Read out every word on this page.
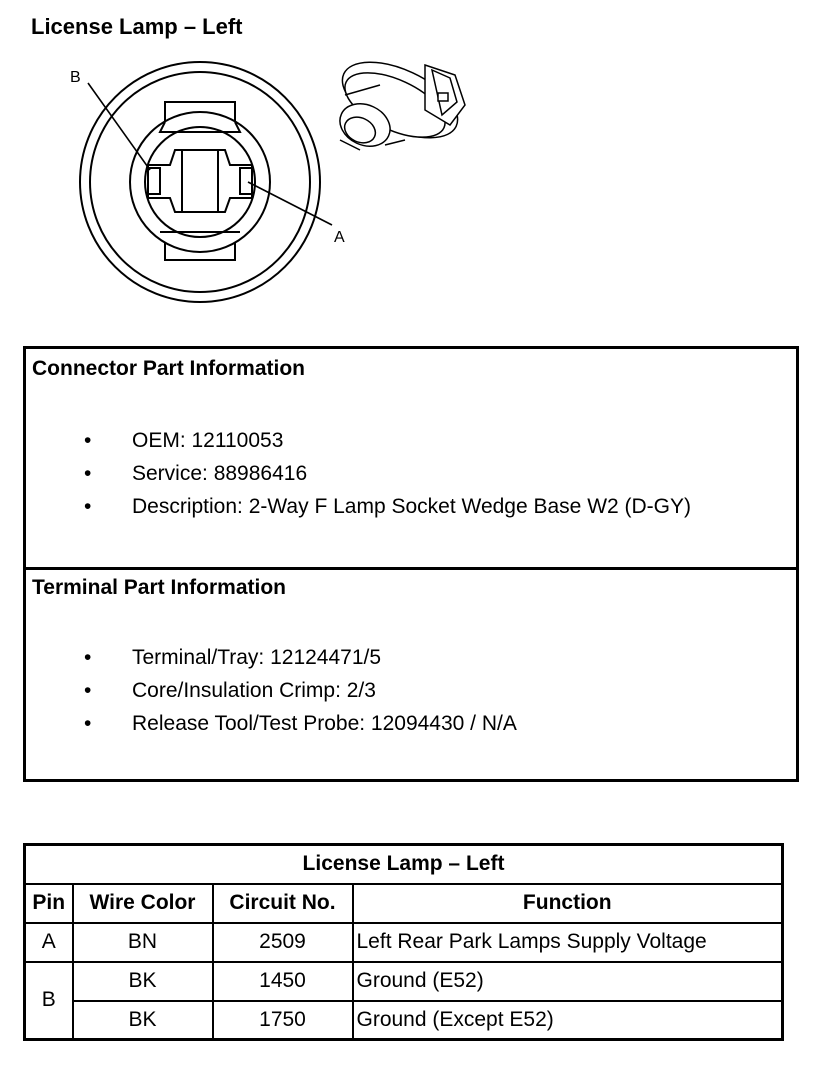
License Lamp – Left
B
A
Connector Part Information
• OEM: 12110053
• Service: 88986416
• Description: 2-Way F Lamp Socket Wedge Base W2 (D-GY)
Terminal Part Information
• Terminal/Tray: 12124471/5
• Core/Insulation Crimp: 2/3
• Release Tool/Test Probe: 12094430 / N/A
License Lamp – Left			
Pin	Wire Color	Circuit No.	Function
A	BN	2509	Left Rear Park Lamps Supply Voltage
B	BK	1450	Ground (E52)
	BK	1750	Ground (Except E52)
